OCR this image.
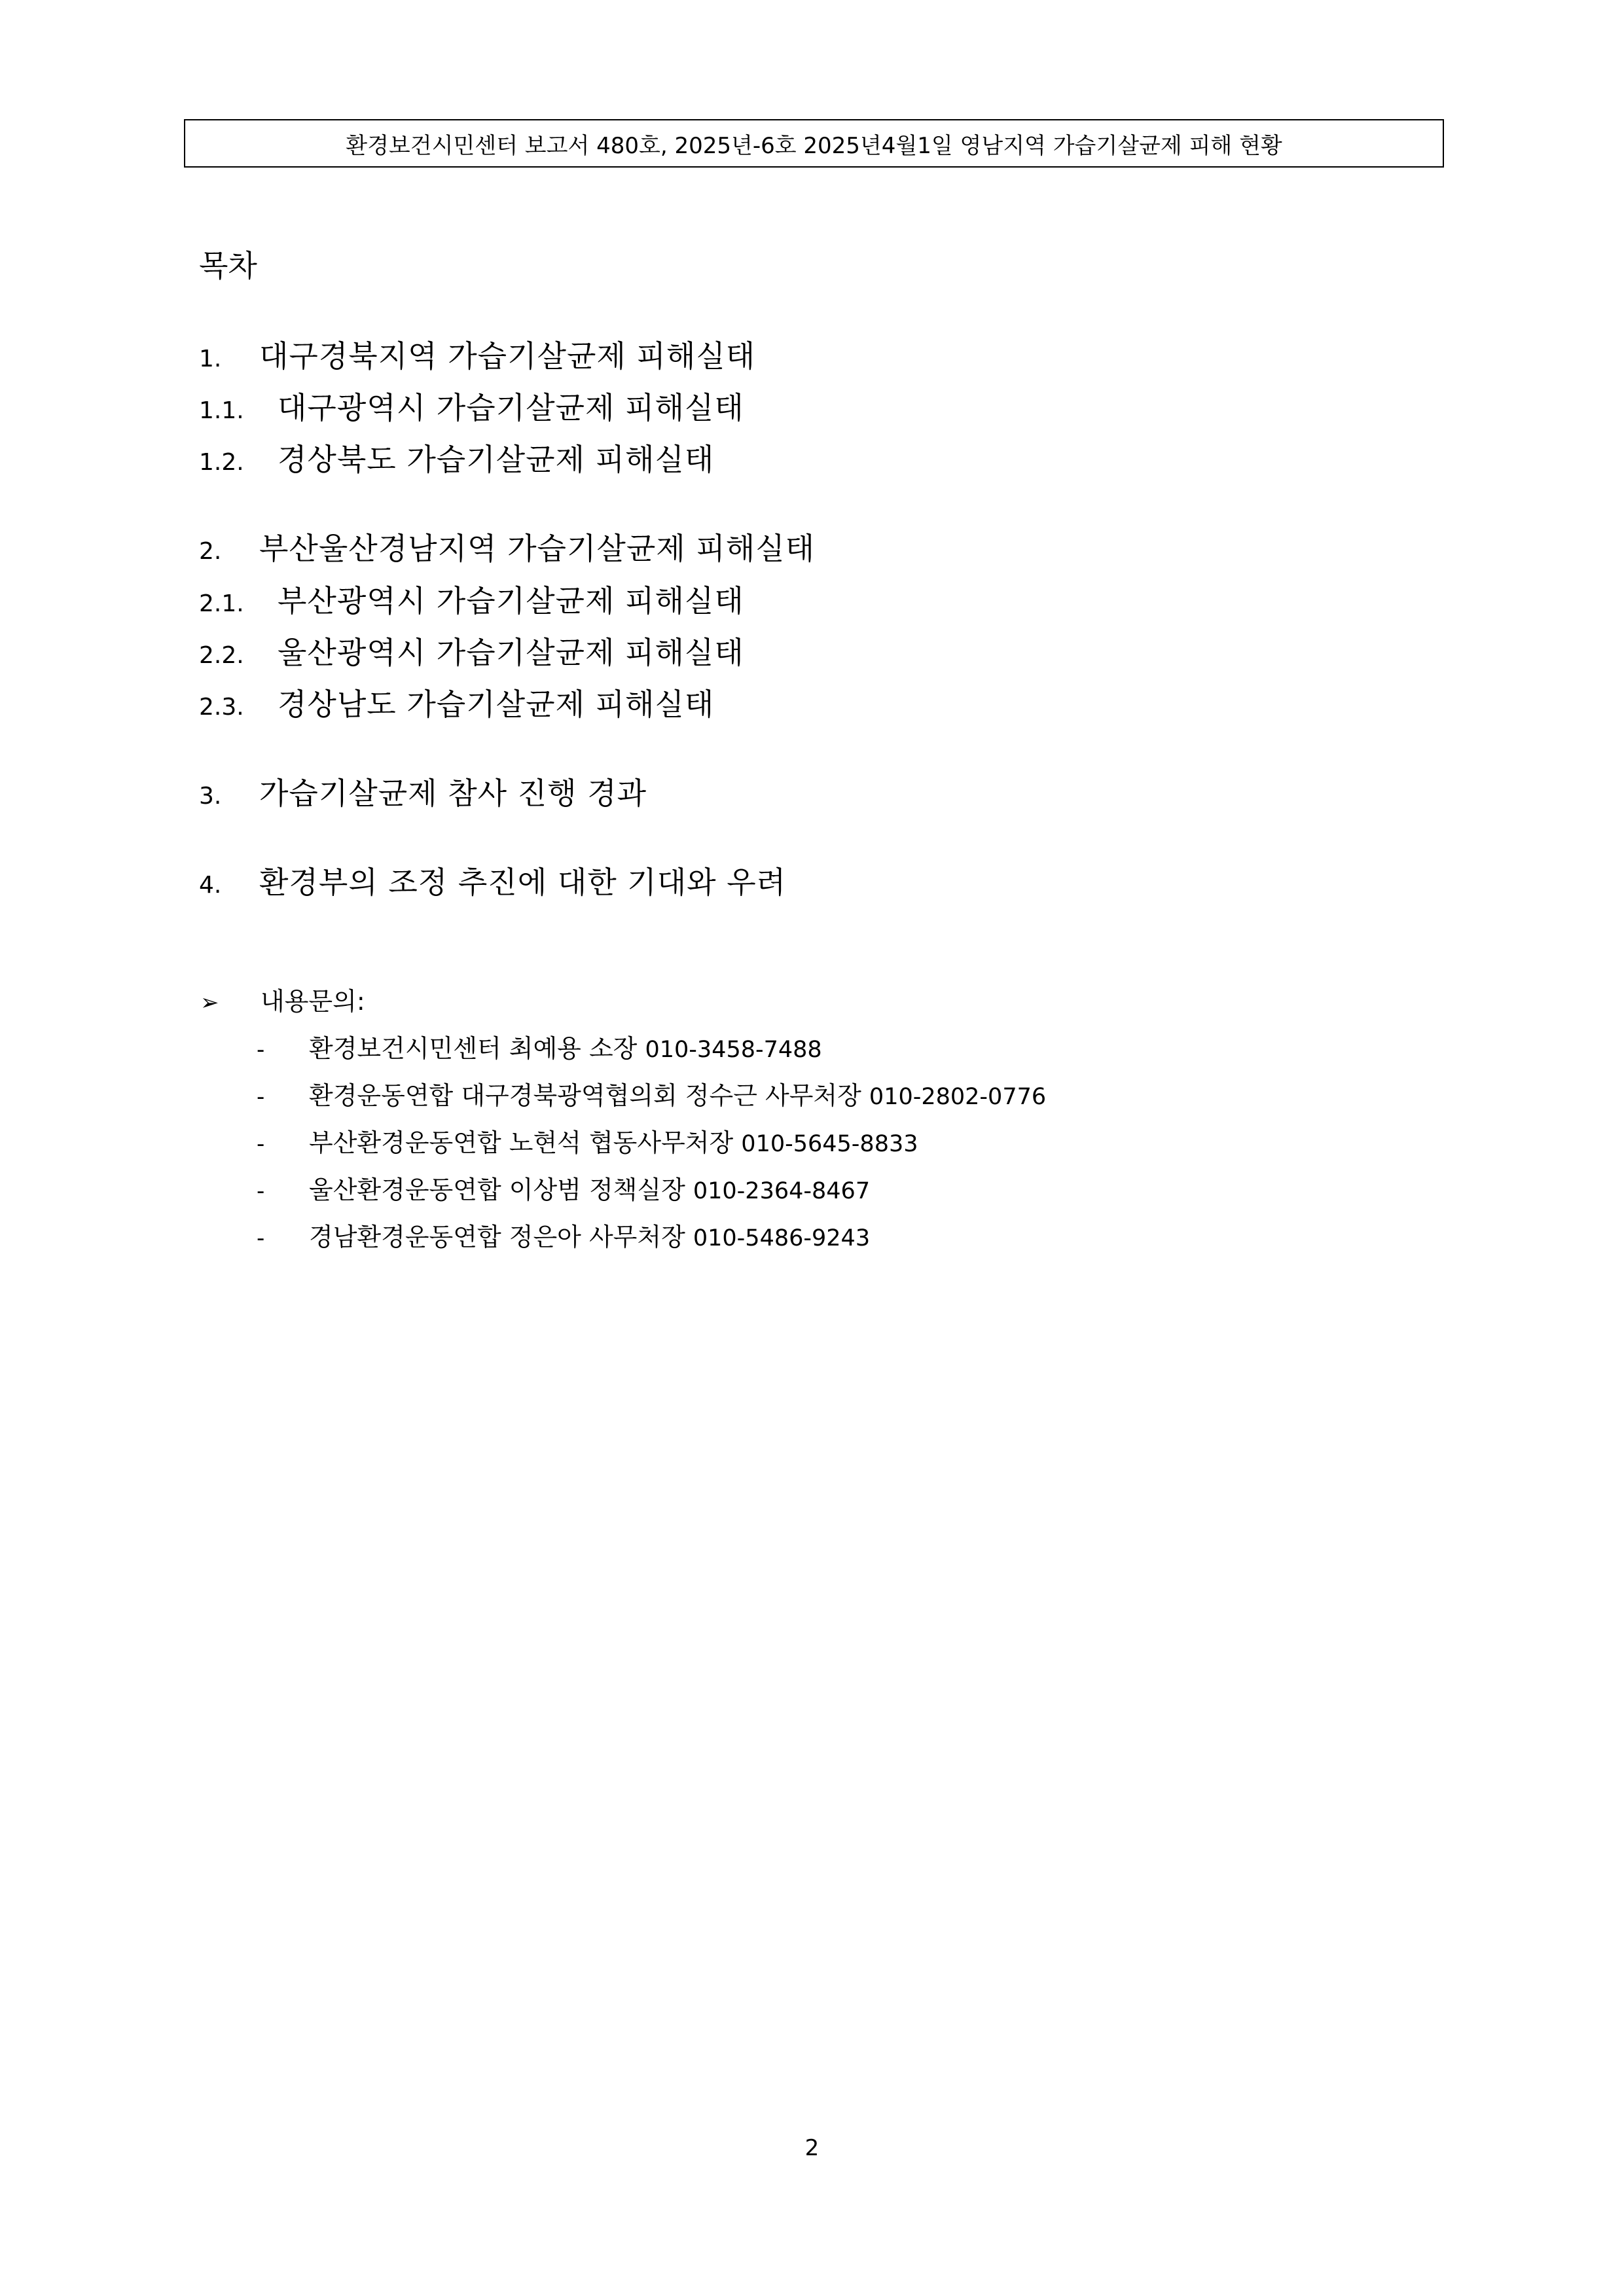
환경보건시민센터 보고서 480호, 2025년-6호 2025년4월1일 영남지역 가습기살균제 피해 현황
목차
1. 대구경북지역 가습기살균제 피해실태
1.1. 대구광역시 가습기살균제 피해실태
1.2. 경상북도 가습기살균제 피해실태
2. 부산울산경남지역 가습기살균제 피해실태
2.1. 부산광역시 가습기살균제 피해실태
2.2. 울산광역시 가습기살균제 피해실태
2.3. 경상남도 가습기살균제 피해실태
3. 가습기살균제 참사 진행 경과
4. 환경부의 조정 추진에 대한 기대와 우려
➢ 내용문의:
- 환경보건시민센터 최예용 소장 010-3458-7488
- 환경운동연합 대구경북광역협의회 정수근 사무처장 010-2802-0776
- 부산환경운동연합 노현석 협동사무처장 010-5645-8833
- 울산환경운동연합 이상범 정책실장 010-2364-8467
- 경남환경운동연합 정은아 사무처장 010-5486-9243
2
